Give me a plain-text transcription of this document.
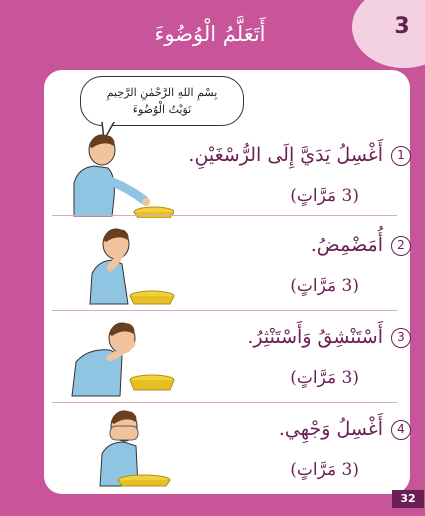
3
أَتَعَلَّمُ الْوُضُوءَ
بِسْمِ اللهِ الرَّحْمٰنِ الرَّحِيمِ
نَوَيْتُ الْوُضُوءَ
1أَغْسِلُ يَدَيَّ إِلَى الرُّسْغَيْنِ.
(3 مَرَّاتٍ)
2أُمَضْمِضُ.
(3 مَرَّاتٍ)
3أَسْتَنْشِقُ وَأَسْتَنْثِرُ.
(3 مَرَّاتٍ)
4أَغْسِلُ وَجْهِي.
(3 مَرَّاتٍ)
32
